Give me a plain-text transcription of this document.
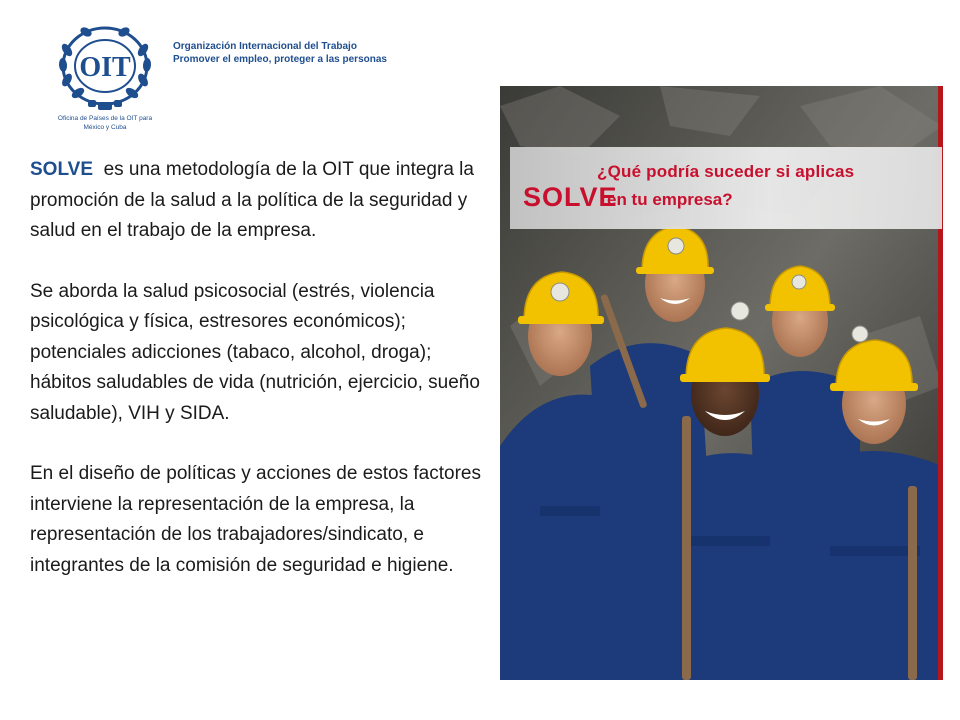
OIT
Oficina de Países de la OIT para México y Cuba
Organización Internacional del Trabajo
Promover el empleo, proteger a las personas

SOLVE es una metodología de la OIT que integra la promoción de la salud a la política de la seguridad y salud en el trabajo de la empresa.

Se aborda la salud psicosocial (estrés, violencia psicológica y física, estresores económicos); potenciales adicciones (tabaco, alcohol, droga); hábitos saludables de vida (nutrición, ejercicio, sueño saludable), VIH y SIDA.

En el diseño de políticas y acciones de estos factores interviene la representación de la empresa, la representación de los trabajadores/sindicato, e integrantes de la comisión de seguridad e higiene.

¿Qué podría suceder si aplicas
SOLVE
en tu empresa?
